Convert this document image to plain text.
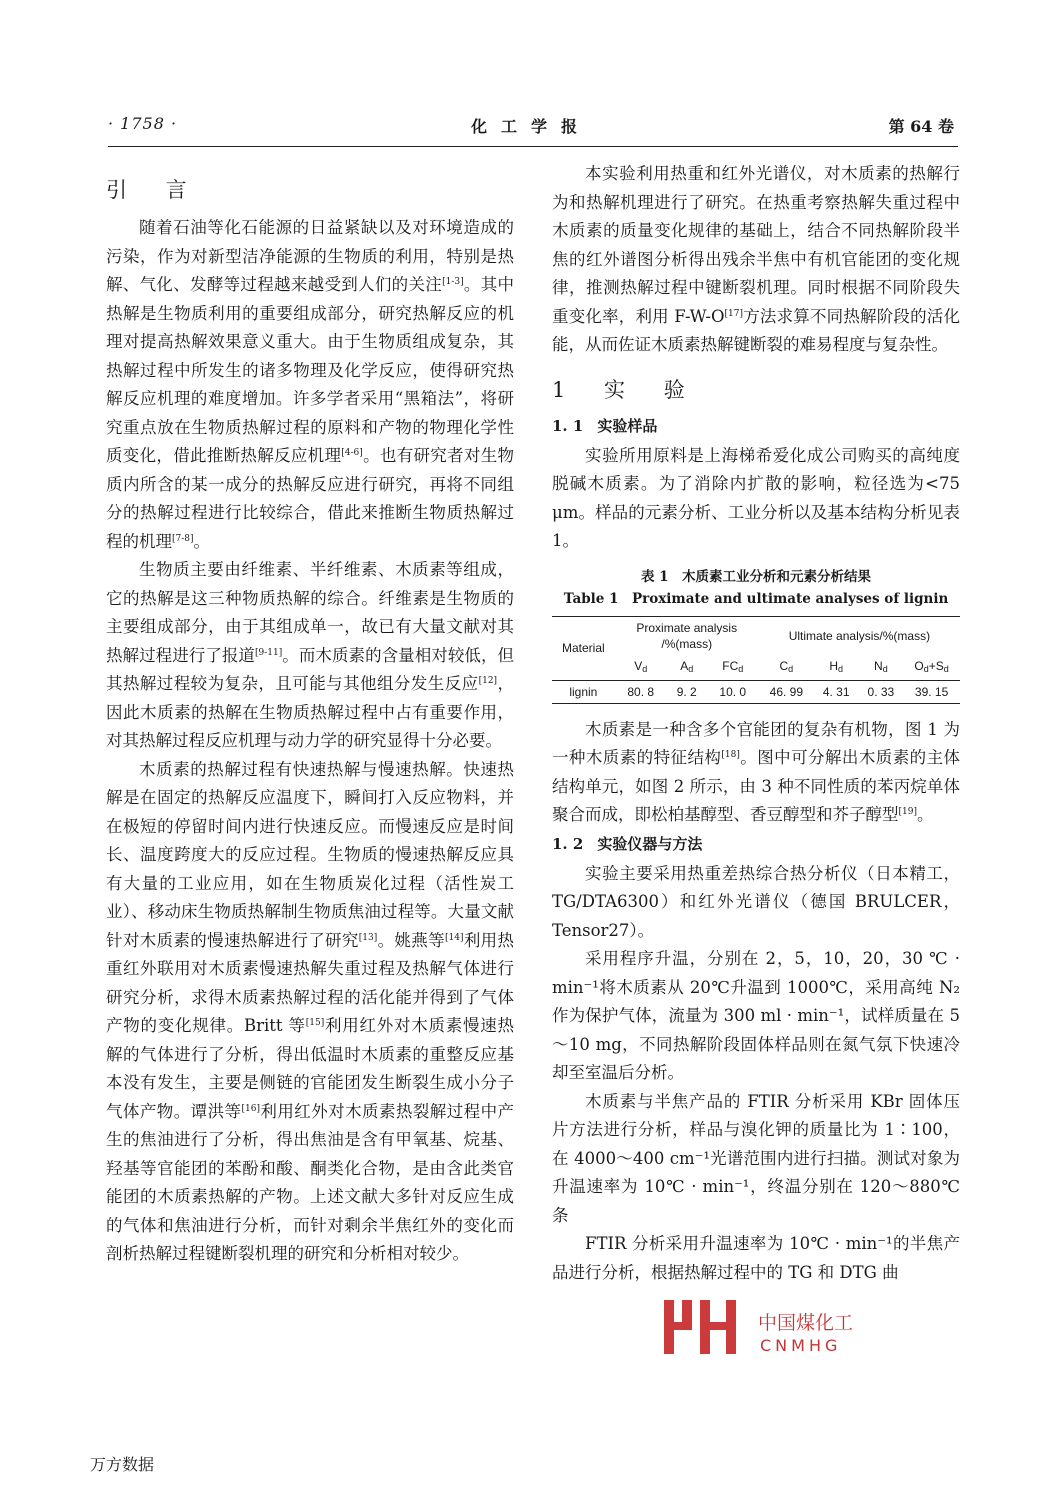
· 1758 ·	化工学报	第 64 卷
引 言

随着石油等化石能源的日益紧缺以及对环境造成的污染，作为对新型洁净能源的生物质的利用，特别是热解、气化、发酵等过程越来越受到人们的关注[1-3]。其中热解是生物质利用的重要组成部分，研究热解反应的机理对提高热解效果意义重大。由于生物质组成复杂，其热解过程中所发生的诸多物理及化学反应，使得研究热解反应机理的难度增加。许多学者采用“黑箱法”，将研究重点放在生物质热解过程的原料和产物的物理化学性质变化，借此推断热解反应机理[4-6]。也有研究者对生物质内所含的某一成分的热解反应进行研究，再将不同组分的热解过程进行比较综合，借此来推断生物质热解过程的机理[7-8]。

生物质主要由纤维素、半纤维素、木质素等组成，它的热解是这三种物质热解的综合。纤维素是生物质的主要组成部分，由于其组成单一，故已有大量文献对其热解过程进行了报道[9-11]。而木质素的含量相对较低，但其热解过程较为复杂，且可能与其他组分发生反应[12]，因此木质素的热解在生物质热解过程中占有重要作用，对其热解过程反应机理与动力学的研究显得十分必要。

木质素的热解过程有快速热解与慢速热解。快速热解是在固定的热解反应温度下，瞬间打入反应物料，并在极短的停留时间内进行快速反应。而慢速反应是时间长、温度跨度大的反应过程。生物质的慢速热解反应具有大量的工业应用，如在生物质炭化过程（活性炭工业）、移动床生物质热解制生物质焦油过程等。大量文献针对木质素的慢速热解进行了研究[13]。姚燕等[14]利用热重红外联用对木质素慢速热解失重过程及热解气体进行研究分析，求得木质素热解过程的活化能并得到了气体产物的变化规律。Britt 等[15]利用红外对木质素慢速热解的气体进行了分析，得出低温时木质素的重整反应基本没有发生，主要是侧链的官能团发生断裂生成小分子气体产物。谭洪等[16]利用红外对木质素热裂解过程中产生的焦油进行了分析，得出焦油是含有甲氧基、烷基、羟基等官能团的苯酚和酸、酮类化合物，是由含此类官能团的木质素热解的产物。上述文献大多针对反应生成的气体和焦油进行分析，而针对剩余半焦红外的变化而剖析热解过程键断裂机理的研究和分析相对较少。

本实验利用热重和红外光谱仪，对木质素的热解行为和热解机理进行了研究。在热重考察热解失重过程中木质素的质量变化规律的基础上，结合不同热解阶段半焦的红外谱图分析得出残余半焦中有机官能团的变化规律，推测热解过程中键断裂机理。同时根据不同阶段失重变化率，利用 F-W-O[17]方法求算不同热解阶段的活化能，从而佐证木质素热解键断裂的难易程度与复杂性。

1 实 验
1. 1 实验样品

实验所用原料是上海梯希爱化成公司购买的高纯度脱碱木质素。为了消除内扩散的影响，粒径选为<75 μm。样品的元素分析、工业分析以及基本结构分析见表 1。

表 1　木质素工业分析和元素分析结果
Table 1　Proximate and ultimate analyses of lignin
Material	Proximate analysis
/%(mass)			Ultimate analysis/%(mass)			
	$V_d$	$A_d$	$FC_d$	$C_d$	$H_d$	$N_d$	$O_d+S_d$
lignin	80. 8	9. 2	10. 0	46. 99	4. 31	0. 33	39. 15

木质素是一种含多个官能团的复杂有机物，图 1 为一种木质素的特征结构[18]。图中可分解出木质素的主体结构单元，如图 2 所示，由 3 种不同性质的苯丙烷单体聚合而成，即松柏基醇型、香豆醇型和芥子醇型[19]。

1. 2 实验仪器与方法

实验主要采用热重差热综合热分析仪（日本精工，TG/DTA6300）和红外光谱仪（德国 BRULCER，Tensor27）。

采用程序升温，分别在 2，5，10，20，30 ℃ · min⁻¹将木质素从 20℃升温到 1000℃，采用高纯 N₂ 作为保护气体，流量为 300 ml · min⁻¹，试样质量在 5～10 mg，不同热解阶段固体样品则在氮气氛下快速冷却至室温后分析。

木质素与半焦产品的 FTIR 分析采用 KBr 固体压片方法进行分析，样品与溴化钾的质量比为 1∶100，在 4000～400 cm⁻¹光谱范围内进行扫描。测试对象为升温速率为 10℃ · min⁻¹，终温分别在 120～880℃条

FTIR 分析采用升温速率为 10℃ · min⁻¹的半焦产品进行分析，根据热解过程中的 TG 和 DTG 曲

中国煤化工
CNMHG
万方数据
